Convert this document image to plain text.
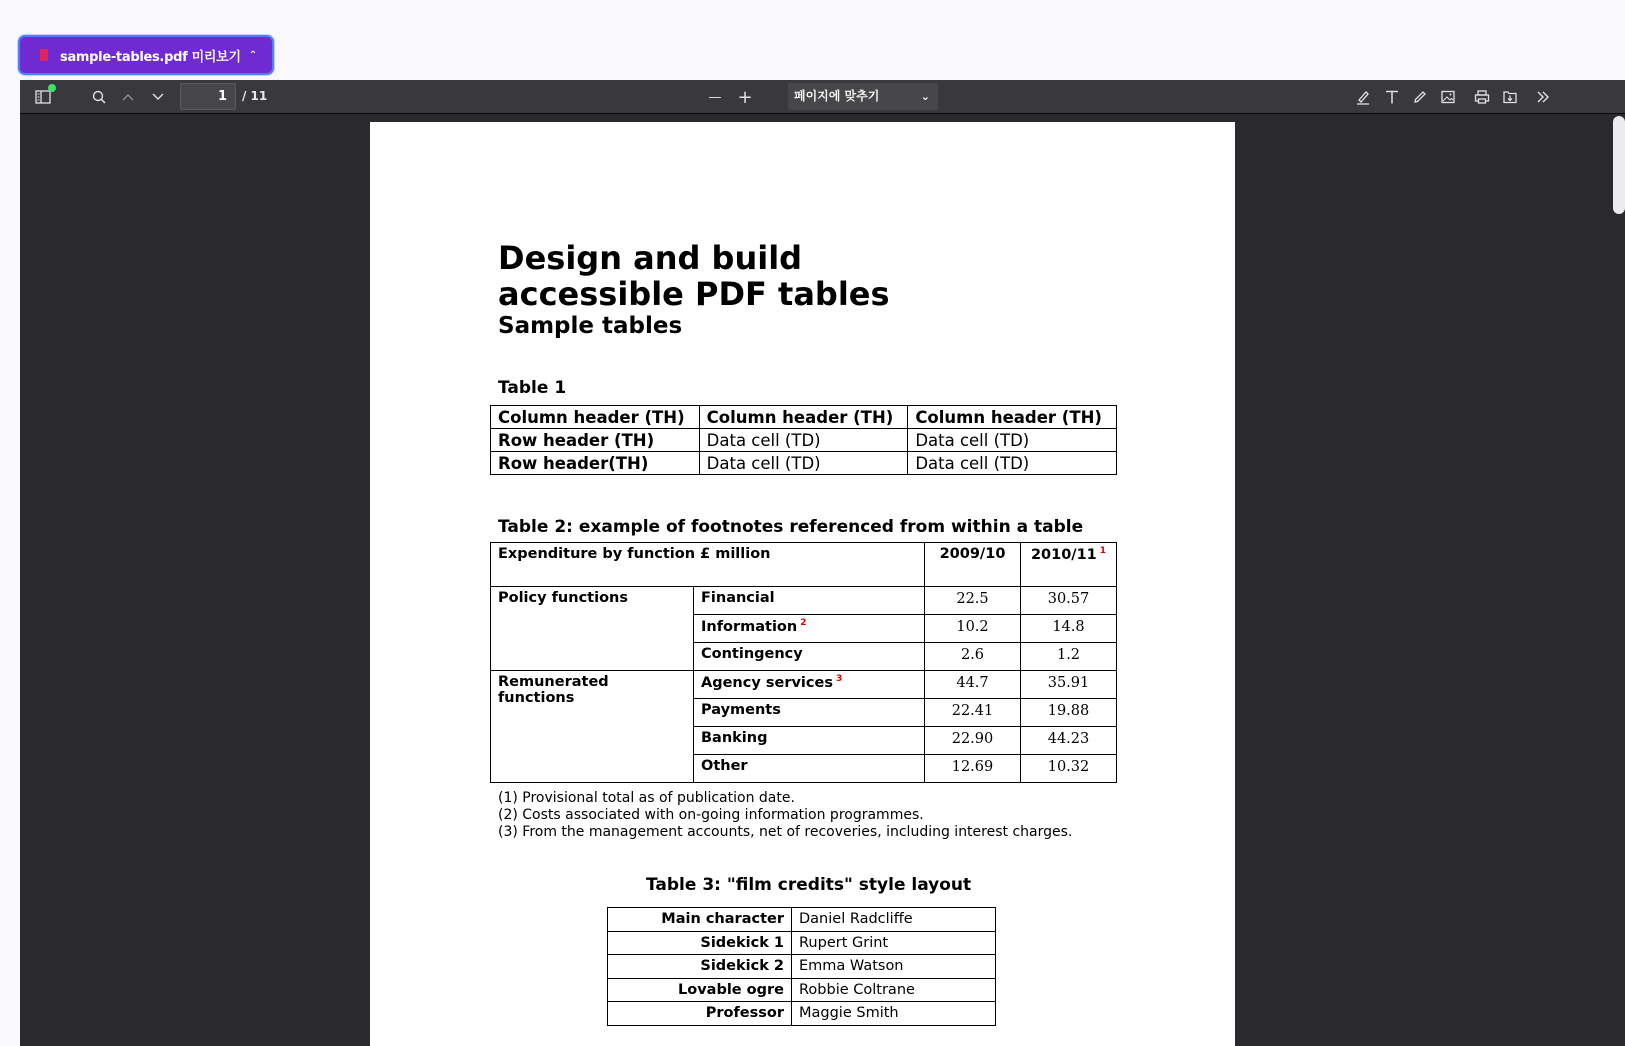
sample-tables.pdf 미리보기 ⌃
1	/ 11	— +	페이지에 맞추기	⌄
Design and build
accessible PDF tables
Sample tables
Table 1
Column header (TH)	Column header (TH)	Column header (TH)
Row header (TH)	Data cell (TD)	Data cell (TD)
Row header(TH)	Data cell (TD)	Data cell (TD)
Table 2: example of footnotes referenced from within a table
Expenditure by function £ million		2009/10	2010/11 $^1$
Policy functions	Financial	22.5	30.57
	Information $^2$	10.2	14.8
	Contingency	2.6	1.2
Remunerated functions	Agency services $^3$	44.7	35.91
	Payments	22.41	19.88
	Banking	22.90	44.23
	Other	12.69	10.32
(1) Provisional total as of publication date.
(2) Costs associated with on-going information programmes.
(3) From the management accounts, net of recoveries, including interest charges.
Table 3: "film credits" style layout
Main character	Daniel Radcliffe
Sidekick 1	Rupert Grint
Sidekick 2	Emma Watson
Lovable ogre	Robbie Coltrane
Professor	Maggie Smith
